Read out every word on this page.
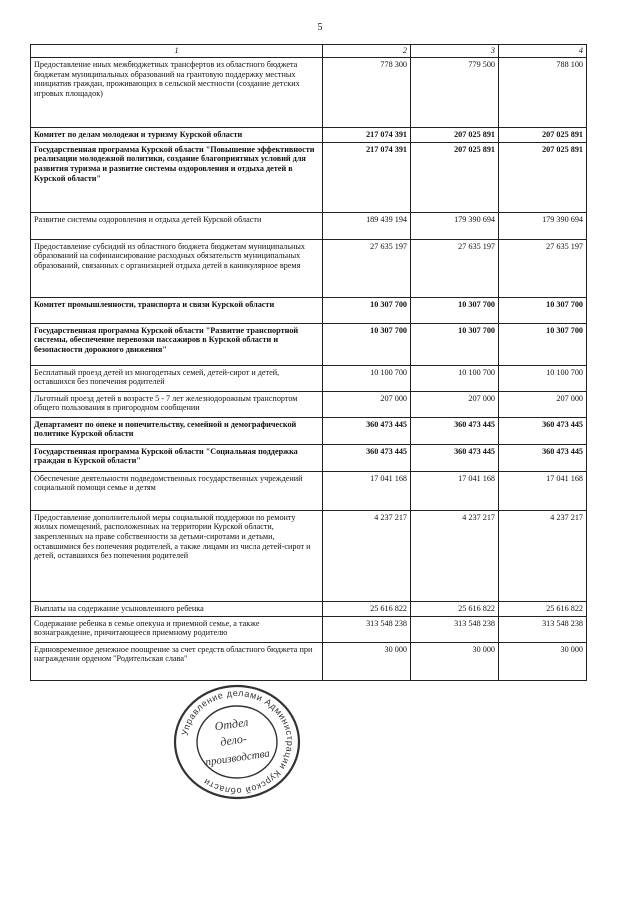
5
1	2	3	4
Предоставление иных межбюджетных трансфертов из областного бюджета бюджетам муниципальных образований на грантовую поддержку местных инициатив граждан, проживающих в сельской местности (создание детских игровых площадок)	778 300	779 500	788 100
Комитет по делам молодежи и туризму Курской области	217 074 391	207 025 891	207 025 891
Государственная программа Курской области "Повышение эффективности реализации молодежной политики, создание благоприятных условий для развития туризма и развитие системы оздоровления и отдыха детей в Курской области"	217 074 391	207 025 891	207 025 891
Развитие системы оздоровления и отдыха детей Курской области	189 439 194	179 390 694	179 390 694
Предоставление субсидий из областного бюджета бюджетам муниципальных образований на софинансирование расходных обязательств муниципальных образований, связанных с организацией отдыха детей в каникулярное время	27 635 197	27 635 197	27 635 197
Комитет промышленности, транспорта и связи Курской области	10 307 700	10 307 700	10 307 700
Государственная программа Курской области "Развитие транспортной системы, обеспечение перевозки пассажиров в Курской области и безопасности дорожного движения"	10 307 700	10 307 700	10 307 700
Бесплатный проезд детей из многодетных семей, детей-сирот и детей, оставшихся без попечения родителей	10 100 700	10 100 700	10 100 700
Льготный проезд детей в возрасте 5 - 7 лет железнодорожным транспортом общего пользования в пригородном сообщении	207 000	207 000	207 000
Департамент по опеке и попечительству, семейной и демографической политике Курской области	360 473 445	360 473 445	360 473 445
Государственная программа Курской области "Социальная поддержка граждан в Курской области"	360 473 445	360 473 445	360 473 445
Обеспечение деятельности подведомственных государственных учреждений социальной помощи семье и детям	17 041 168	17 041 168	17 041 168
Предоставление дополнительной меры социальной поддержки по ремонту жилых помещений, расположенных на территории Курской области, закрепленных на праве собственности за детьми-сиротами и детьми, оставшимися без попечения родителей, а также лицами из числа детей-сирот и детей, оставшихся без попечения родителей	4 237 217	4 237 217	4 237 217
Выплаты на содержание усыновленного ребенка	25 616 822	25 616 822	25 616 822
Содержание ребенка в семье опекуна и приемной семье, а также вознаграждение, причитающееся приемному родителю	313 548 238	313 548 238	313 548 238
Единовременное денежное поощрение за счет средств областного бюджета при награждении орденом "Родительская слава"	30 000	30 000	30 000
Управление делами Администрации Курской области
Отдел
дело-
производства
